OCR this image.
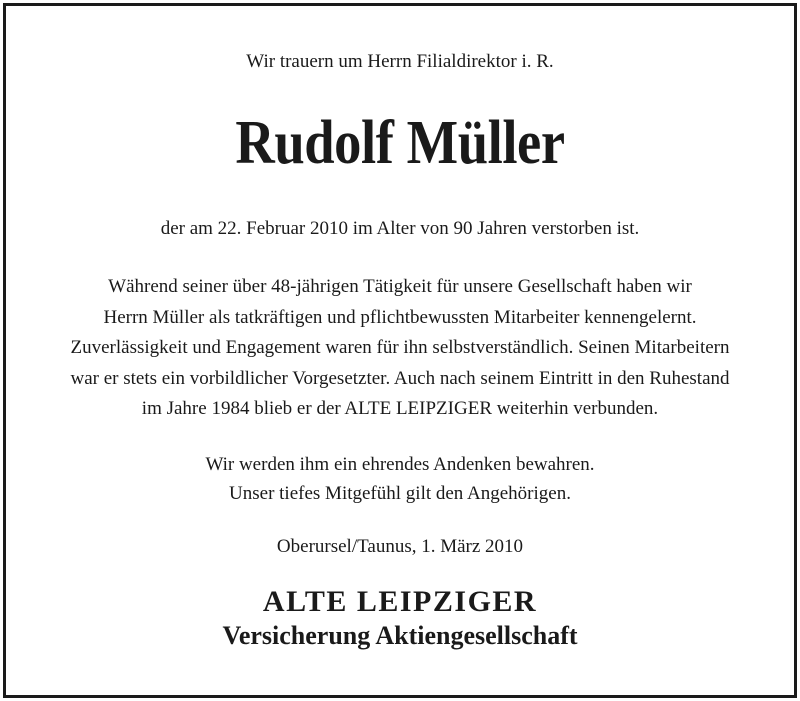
Wir trauern um Herrn Filialdirektor i. R.
Rudolf Müller
der am 22. Februar 2010 im Alter von 90 Jahren verstorben ist.
Während seiner über 48-jährigen Tätigkeit für unsere Gesellschaft haben wir
Herrn Müller als tatkräftigen und pflichtbewussten Mitarbeiter kennengelernt.
Zuverlässigkeit und Engagement waren für ihn selbstverständlich. Seinen Mitarbeitern
war er stets ein vorbildlicher Vorgesetzter. Auch nach seinem Eintritt in den Ruhestand
im Jahre 1984 blieb er der ALTE LEIPZIGER weiterhin verbunden.
Wir werden ihm ein ehrendes Andenken bewahren.
Unser tiefes Mitgefühl gilt den Angehörigen.
Oberursel/Taunus, 1. März 2010
ALTE LEIPZIGER
Versicherung Aktiengesellschaft
